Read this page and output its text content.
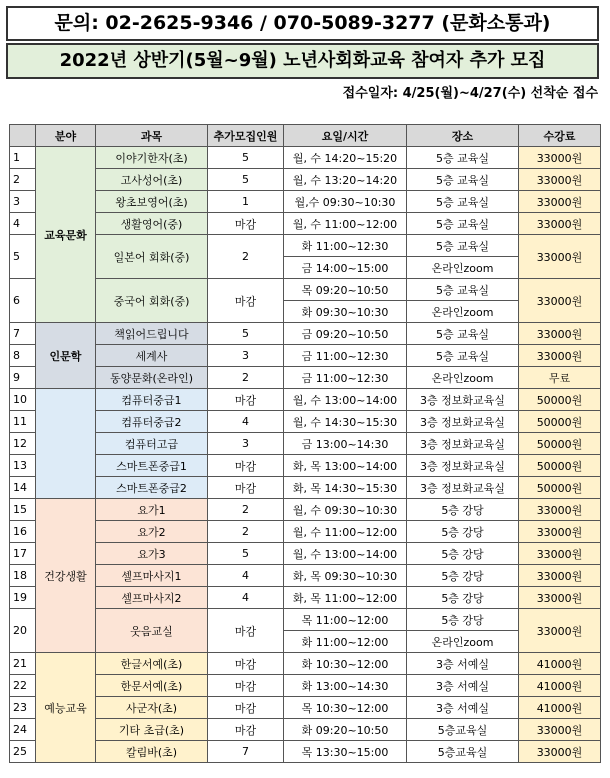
문의: 02-2625-9346 / 070-5089-3277 (문화소통과)
2022년 상반기(5월~9월) 노년사회화교육 참여자 추가 모집
접수일자: 4/25(월)~4/27(수) 선착순 접수
	분야	과목	추가모집인원	요일/시간	장소	수강료
1	교육문화	이야기한자(초)	5	월, 수 14:20~15:20	5층 교육실	33000원
2		고사성어(초)	5	월, 수 13:20~14:20	5층 교육실	33000원
3		왕초보영어(초)	1	월,수 09:30~10:30	5층 교육실	33000원
4		생활영어(중)	마감	월, 수 11:00~12:00	5층 교육실	33000원
5		일본어 회화(중)	2	화 11:00~12:30	5층 교육실	33000원
				금 14:00~15:00	온라인zoom	
6		중국어 회화(중)	마감	목 09:20~10:50	5층 교육실	33000원
				화 09:30~10:30	온라인zoom	
7	인문학	책읽어드립니다	5	금 09:20~10:50	5층 교육실	33000원
8		세계사	3	금 11:00~12:30	5층 교육실	33000원
9		동양문화(온라인)	2	금 11:00~12:30	온라인zoom	무료
10		컴퓨터중급1	마감	월, 수 13:00~14:00	3층 정보화교육실	50000원
11		컴퓨터중급2	4	월, 수 14:30~15:30	3층 정보화교육실	50000원
12		컴퓨터고급	3	금 13:00~14:30	3층 정보화교육실	50000원
13		스마트폰중급1	마감	화, 목 13:00~14:00	3층 정보화교육실	50000원
14		스마트폰중급2	마감	화, 목 14:30~15:30	3층 정보화교육실	50000원
15	건강생활	요가1	2	월, 수 09:30~10:30	5층 강당	33000원
16		요가2	2	월, 수 11:00~12:00	5층 강당	33000원
17		요가3	5	월, 수 13:00~14:00	5층 강당	33000원
18		셀프마사지1	4	화, 목 09:30~10:30	5층 강당	33000원
19		셀프마사지2	4	화, 목 11:00~12:00	5층 강당	33000원
20		웃음교실	마감	목 11:00~12:00	5층 강당	33000원
				화 11:00~12:00	온라인zoom	
21	예능교육	한글서예(초)	마감	화 10:30~12:00	3층 서예실	41000원
22		한문서예(초)	마감	화 13:00~14:30	3층 서예실	41000원
23		사군자(초)	마감	목 10:30~12:00	3층 서예실	41000원
24		기타 초급(초)	마감	화 09:20~10:50	5층교육실	33000원
25		칼림바(초)	7	목 13:30~15:00	5층교육실	33000원
